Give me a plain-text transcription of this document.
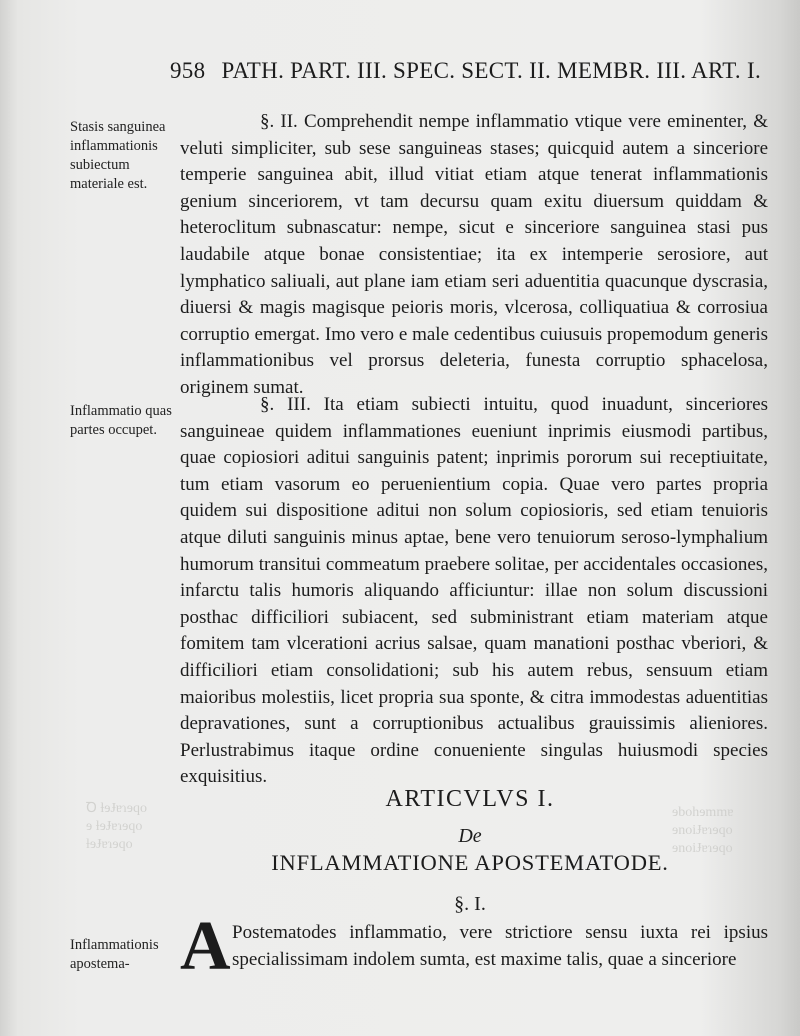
958 PATH. PART. III. SPEC. SECT. II. MEMBR. III. ART. I.
Ꝺ ƚɘɈɐɿɘqo
ɘ ƚɘɈɐɿɘqo
ƚɘɈɐɿɘqo
ɘbohɘmmɐ
ɘnoiɈɐɿɘqo
ɘnoiɈɐɿɘqo
Stasis sanguinea inflammationis subiectum materiale est.
Inflammatio quas partes occupet.
Inflammationis apostema-

§. II. Comprehendit nempe inflammatio vtique vere eminenter, & veluti simpliciter, sub sese sanguineas stases; quicquid autem a sinceriore temperie sanguinea abit, illud vitiat etiam atque tenerat inflammationis genium sinceriorem, vt tam decursu quam exitu diuersum quiddam & heteroclitum subnascatur: nempe, sicut e sinceriore sanguinea stasi pus laudabile atque bonae consistentiae; ita ex intemperie serosiore, aut lymphatico saliuali, aut plane iam etiam seri aduentitia quacunque dyscrasia, diuersi & magis magisque peioris moris, vlcerosa, colliquatiua & corrosiua corruptio emergat. Imo vero e male cedentibus cuiusuis propemodum generis inflammationibus vel prorsus deleteria, funesta corruptio sphacelosa, originem sumat.

§. III. Ita etiam subiecti intuitu, quod inuadunt, sinceriores sanguineae quidem inflammationes eueniunt inprimis eiusmodi partibus, quae copiosiori aditui sanguinis patent; inprimis pororum sui receptiuitate, tum etiam vasorum eo peruenientium copia. Quae vero partes propria quidem sui dispositione aditui non solum copiosioris, sed etiam tenuioris atque diluti sanguinis minus aptae, bene vero tenuiorum seroso-lymphalium humorum transitui commeatum praebere solitae, per accidentales occasiones, infarctu talis humoris aliquando afficiuntur: illae non solum discussioni posthac difficiliori subiacent, sed subministrant etiam materiam atque fomitem tam vlcerationi acrius salsae, quam manationi posthac vberiori, & difficiliori etiam consolidationi; sub his autem rebus, sensuum etiam maioribus molestiis, licet propria sua sponte, & citra immodestas aduentitias depravationes, sunt a corruptionibus actualibus grauissimis alieniores. Perlustrabimus itaque ordine conueniente singulas huiusmodi species exquisitius.

ARTICVLVS I.
De
INFLAMMATIONE APOSTEMATODE.
§. I.
A Postematodes inflammatio, vere strictiore sensu iuxta rei ipsius specialissimam indolem sumta, est maxime talis, quae a sinceriore
